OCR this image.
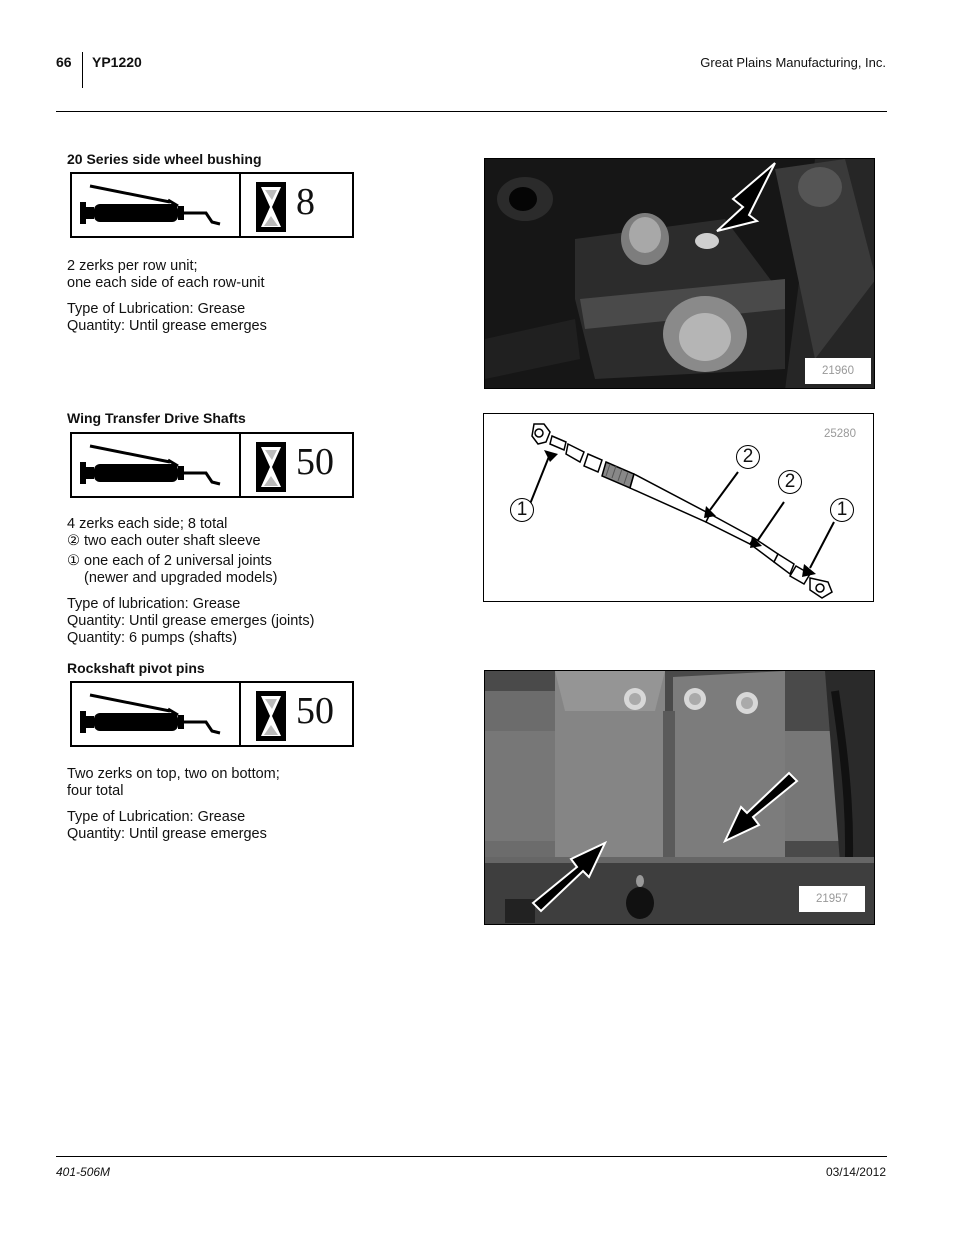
66 YP1220	Great Plains Manufacturing, Inc.
20 Series side wheel bushing
8

2 zerks per row unit;
one each side of each row-unit

Type of Lubrication: Grease
Quantity: Until grease emerges

21960
Wing Transfer Drive Shafts
50

4 zerks each side; 8 total
② two each outer shaft sleeve
① one each of 2 universal joints
(newer and upgraded models)

Type of lubrication: Grease
Quantity: Until grease emerges (joints)
Quantity: 6 pumps (shafts)

25280
1
2
2
1
Rockshaft pivot pins
50

Two zerks on top, two on bottom;
four total

Type of Lubrication: Grease
Quantity: Until grease emerges

21957
401-506M	03/14/2012
